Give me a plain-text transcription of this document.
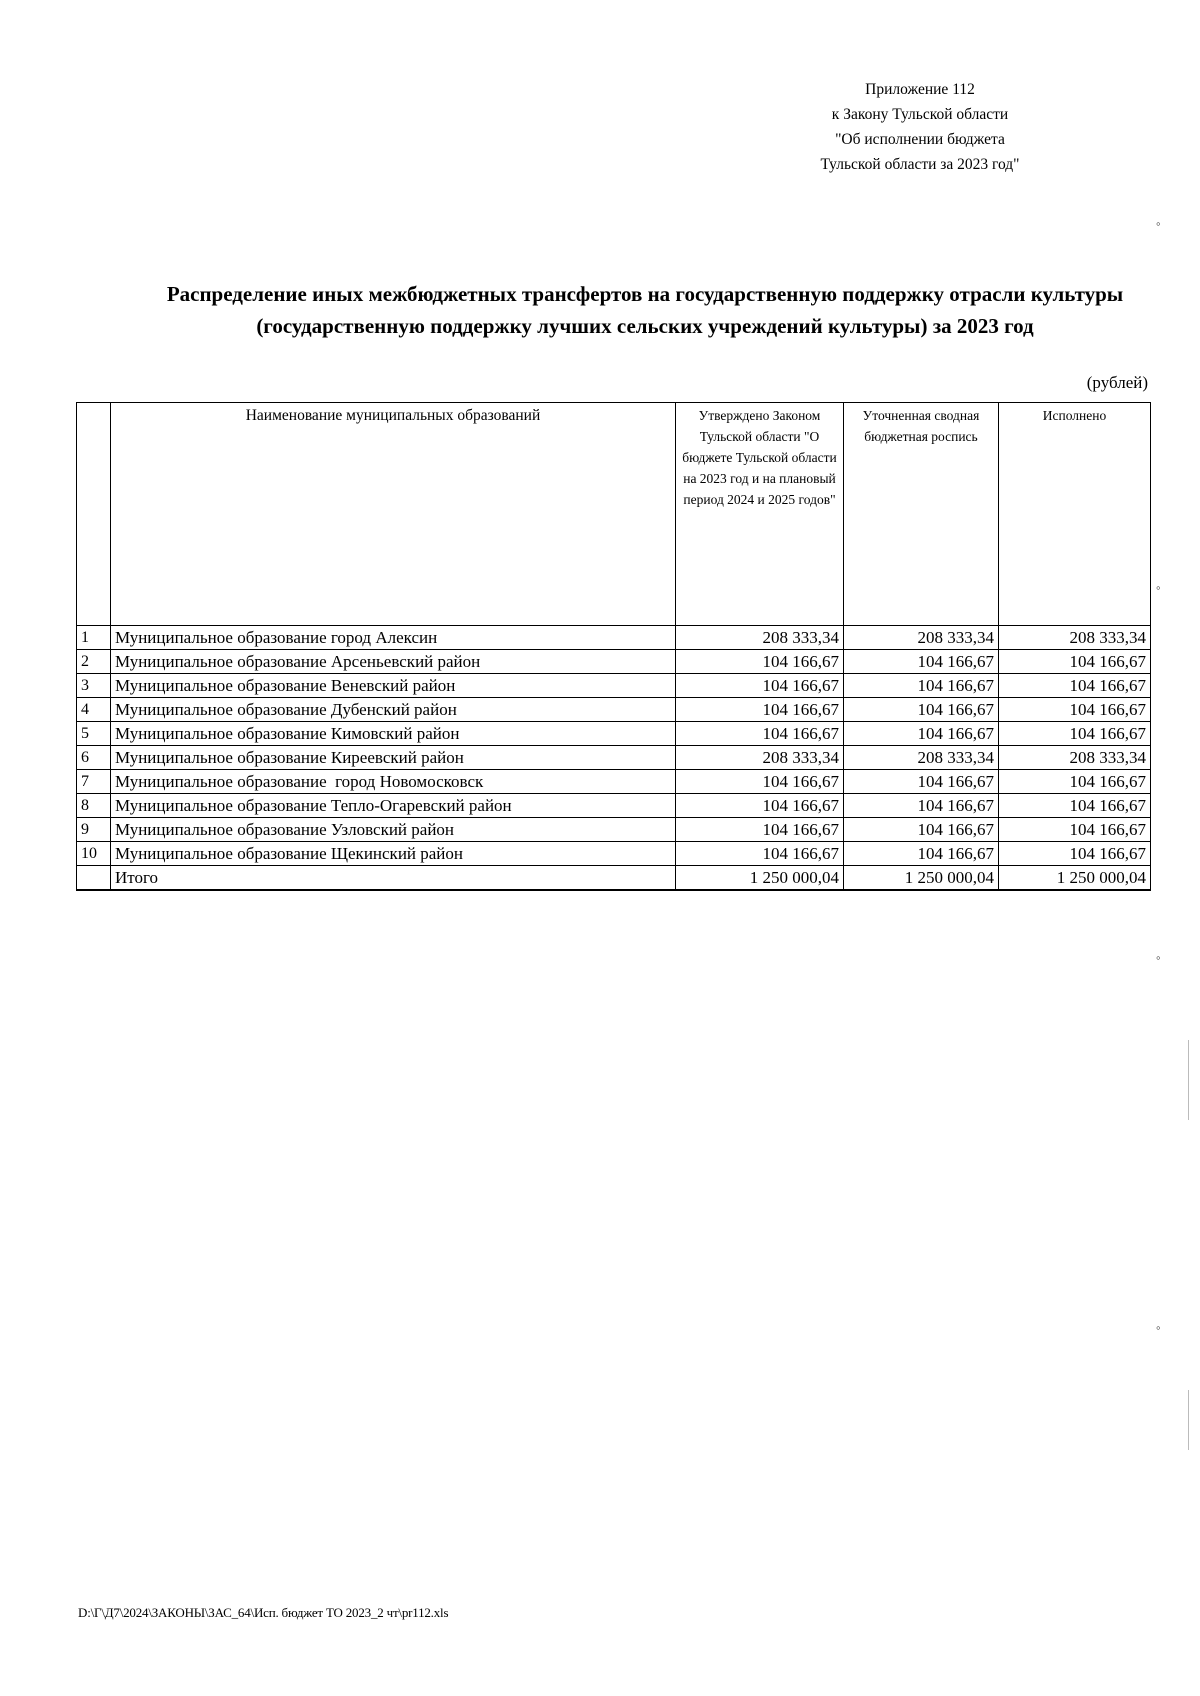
Приложение 112
к Закону Тульской области
"Об исполнении бюджета
Тульской области за 2023 год"
Распределение иных межбюджетных трансфертов на государственную поддержку отрасли культуры
(государственную поддержку лучших сельских учреждений культуры) за 2023 год
(рублей)
	Наименование муниципальных образований	Утверждено Законом Тульской области "О бюджете Тульской области на 2023 год и на плановый период 2024 и 2025 годов"	Уточненная сводная бюджетная роспись	Исполнено
1	Муниципальное образование город Алексин	208 333,34	208 333,34	208 333,34
2	Муниципальное образование Арсеньевский район	104 166,67	104 166,67	104 166,67
3	Муниципальное образование Веневский район	104 166,67	104 166,67	104 166,67
4	Муниципальное образование Дубенский район	104 166,67	104 166,67	104 166,67
5	Муниципальное образование Кимовский район	104 166,67	104 166,67	104 166,67
6	Муниципальное образование Киреевский район	208 333,34	208 333,34	208 333,34
7	Муниципальное образование  город Новомосковск	104 166,67	104 166,67	104 166,67
8	Муниципальное образование Тепло-Огаревский район	104 166,67	104 166,67	104 166,67
9	Муниципальное образование Узловский район	104 166,67	104 166,67	104 166,67
10	Муниципальное образование Щекинский район	104 166,67	104 166,67	104 166,67
	Итого	1 250 000,04	1 250 000,04	1 250 000,04
D:\Г\Д7\2024\ЗАКОНЫ\ЗАС_64\Исп. бюджет ТО 2023_2 чт\pr112.xls
◦
◦
◦
◦
